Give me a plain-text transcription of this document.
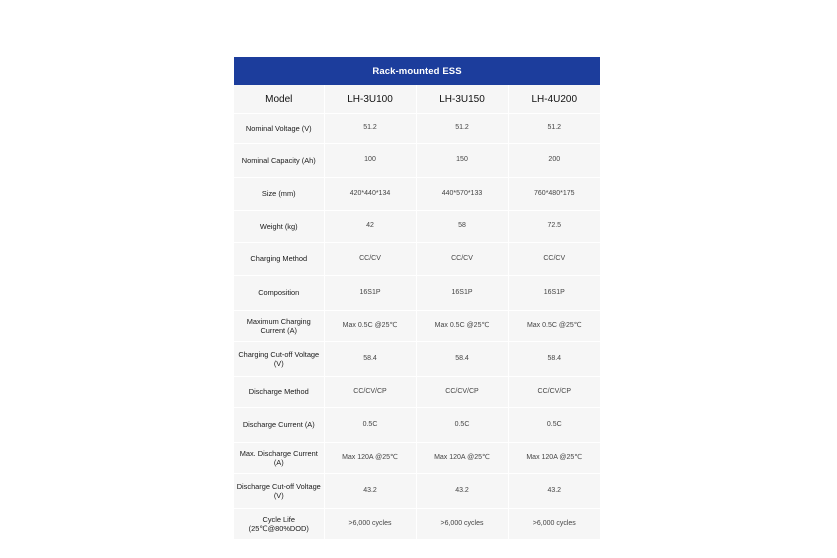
Rack-mounted ESS			
Model	LH-3U100	LH-3U150	LH-4U200
Nominal Voltage (V)	51.2	51.2	51.2
Nominal Capacity (Ah)	100	150	200
Size (mm)	420*440*134	440*570*133	760*480*175
Weight (kg)	42	58	72.5
Charging Method	CC/CV	CC/CV	CC/CV
Composition	16S1P	16S1P	16S1P
Maximum Charging Current (A)	Max 0.5C @25℃	Max 0.5C @25℃	Max 0.5C @25℃
Charging Cut-off Voltage (V)	58.4	58.4	58.4
Discharge Method	CC/CV/CP	CC/CV/CP	CC/CV/CP
Discharge Current (A)	0.5C	0.5C	0.5C
Max. Discharge Current (A)	Max 120A @25℃	Max 120A @25℃	Max 120A @25℃
Discharge Cut-off Voltage (V)	43.2	43.2	43.2
Cycle Life (25℃@80%DOD)	>6,000 cycles	>6,000 cycles	>6,000 cycles
